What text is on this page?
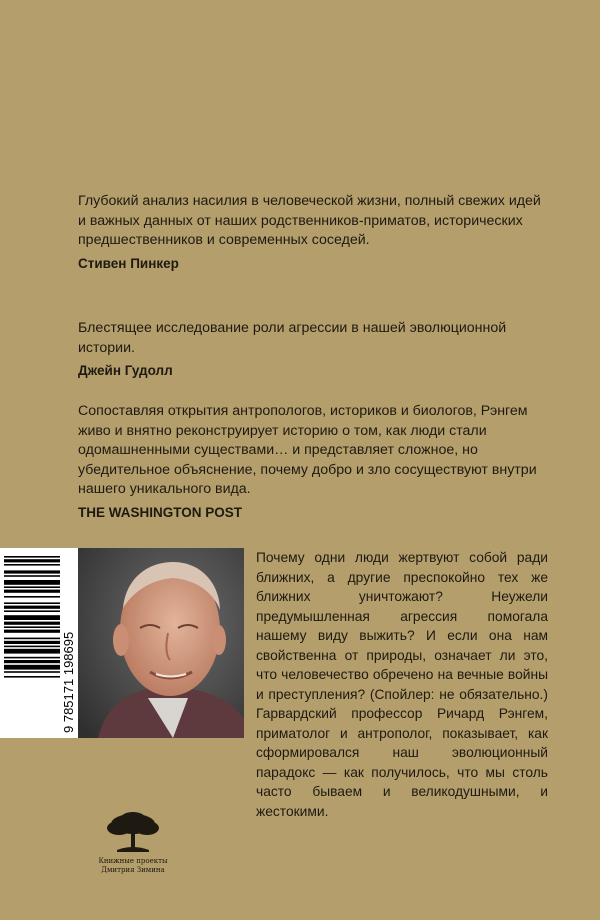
Глубокий анализ насилия в человеческой жизни, полный свежих идей и важных данных от наших родственников-приматов, исторических предшественников и современных соседей.

Стивен Пинкер

Блестящее исследование роли агрессии в нашей эволюционной истории.

Джейн Гудолл

Сопоставляя открытия антропологов, историков и биологов, Рэнгем живо и внятно реконструирует историю о том, как люди стали одомашненными существами… и представляет сложное, но убедительное объяснение, почему добро и зло сосуществуют внутри нашего уникального вида.

THE WASHINGTON POST
9 785171 198695

Почему одни люди жертвуют собой ради ближних, а другие преспокойно тех же ближних уничтожают? Неужели предумышленная агрессия помогала нашему виду выжить? И если она нам свойственна от природы, означает ли это, что человечество обречено на вечные войны и преступления? (Спойлер: не обязательно.) Гарвардский профессор Ричард Рэнгем, приматолог и антрополог, показывает, как сформировался наш эволюционный парадокс — как получилось, что мы столь часто бываем и великодушными, и жестокими.

Книжные проекты
Дмитрия Зимина
